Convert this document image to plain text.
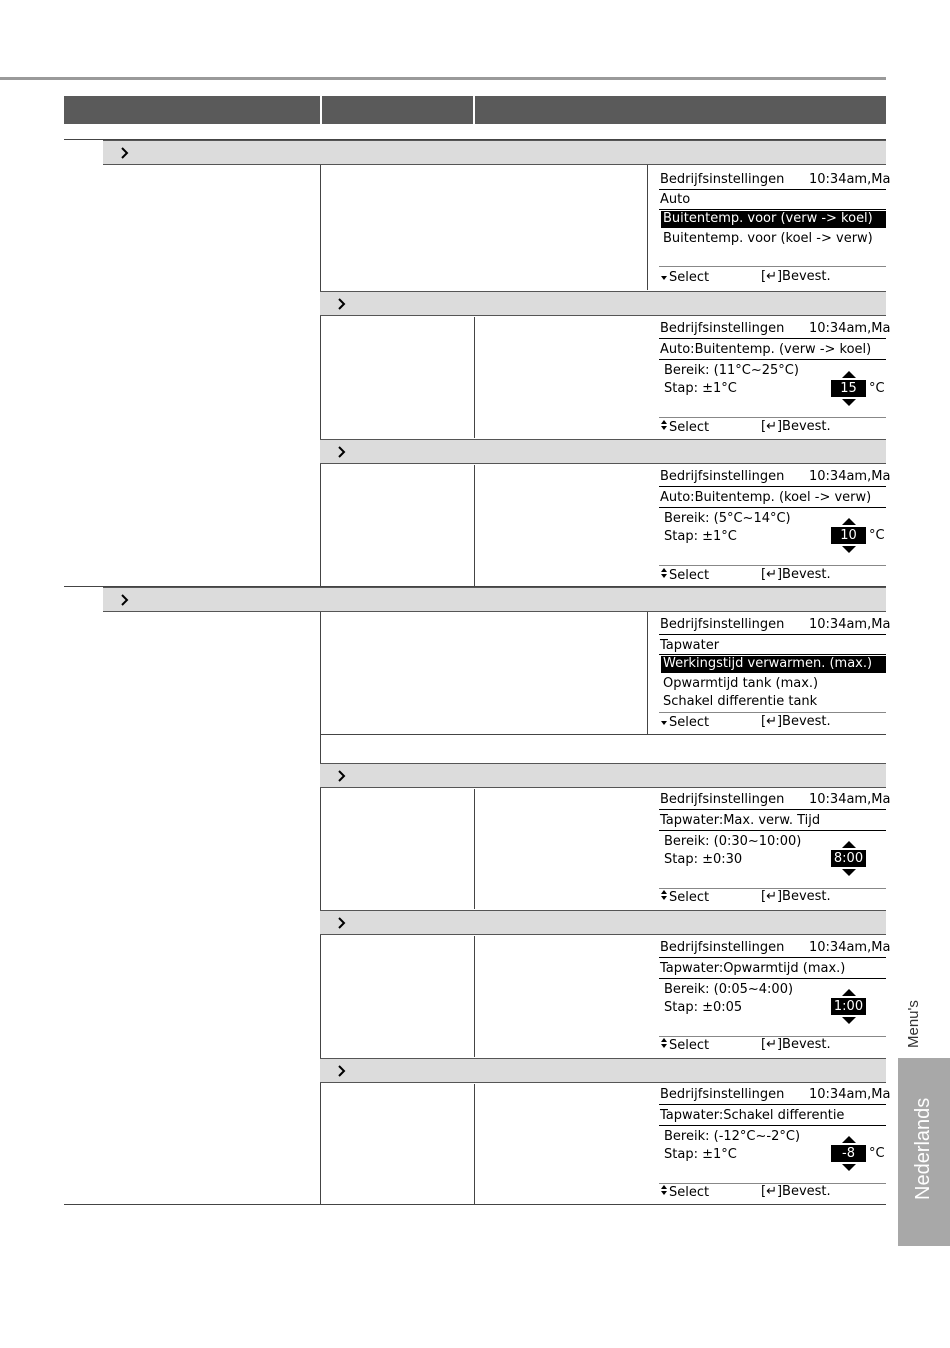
Bedrijfsinstellingen 10:34am,Ma
Auto
Buitentemp. voor (verw -> koel)
Buitentemp. voor (koel -> verw)
Select	[↵]Bevest.
Bedrijfsinstellingen 10:34am,Ma
Auto:Buitentemp. (verw -> koel)
Bereik: (11°C~25°C)
Stap: ±1°C	15 °C
Select	[↵]Bevest.
Bedrijfsinstellingen 10:34am,Ma
Auto:Buitentemp. (koel -> verw)
Bereik: (5°C~14°C)
Stap: ±1°C	10 °C
Select	[↵]Bevest.
Bedrijfsinstellingen 10:34am,Ma
Tapwater
Werkingstijd verwarmen. (max.)
Opwarmtijd tank (max.)
Schakel differentie tank
Select	[↵]Bevest.
Bedrijfsinstellingen 10:34am,Ma
Tapwater:Max. verw. Tijd
Bereik: (0:30~10:00)
Stap: ±0:30	8:00
Select	[↵]Bevest.
Bedrijfsinstellingen 10:34am,Ma
Tapwater:Opwarmtijd (max.)
Bereik: (0:05~4:00)
Stap: ±0:05	1:00
Select	[↵]Bevest.
Bedrijfsinstellingen 10:34am,Ma
Tapwater:Schakel differentie
Bereik: (-12°C~-2°C)
Stap: ±1°C	-8	°C
Select	[↵]Bevest.
Menu's
Nederlands
